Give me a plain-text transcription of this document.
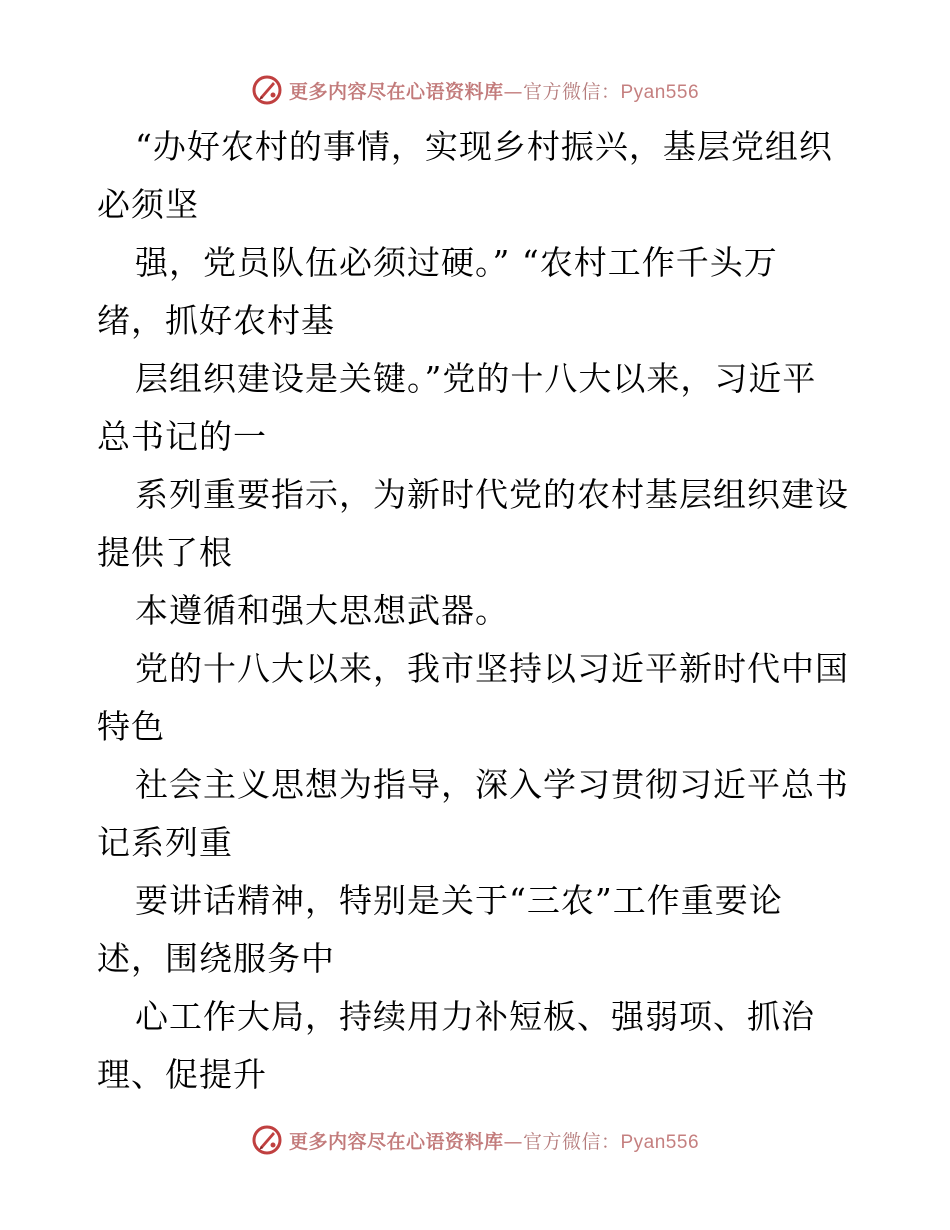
更多内容尽在心语资料库—官方微信：Pyan556
“办好农村的事情，实现乡村振兴，基层党组织
必须坚
强，党员队伍必须过硬。” “农村工作千头万
绪，抓好农村基
层组织建设是关键。”党的十八大以来，习近平
总书记的一
系列重要指示，为新时代党的农村基层组织建设
提供了根
本遵循和强大思想武器。
党的十八大以来，我市坚持以习近平新时代中国
特色
社会主义思想为指导，深入学习贯彻习近平总书
记系列重
要讲话精神，特别是关于“三农”工作重要论
述，围绕服务中
心工作大局，持续用力补短板、强弱项、抓治
理、促提升
更多内容尽在心语资料库—官方微信：Pyan556
